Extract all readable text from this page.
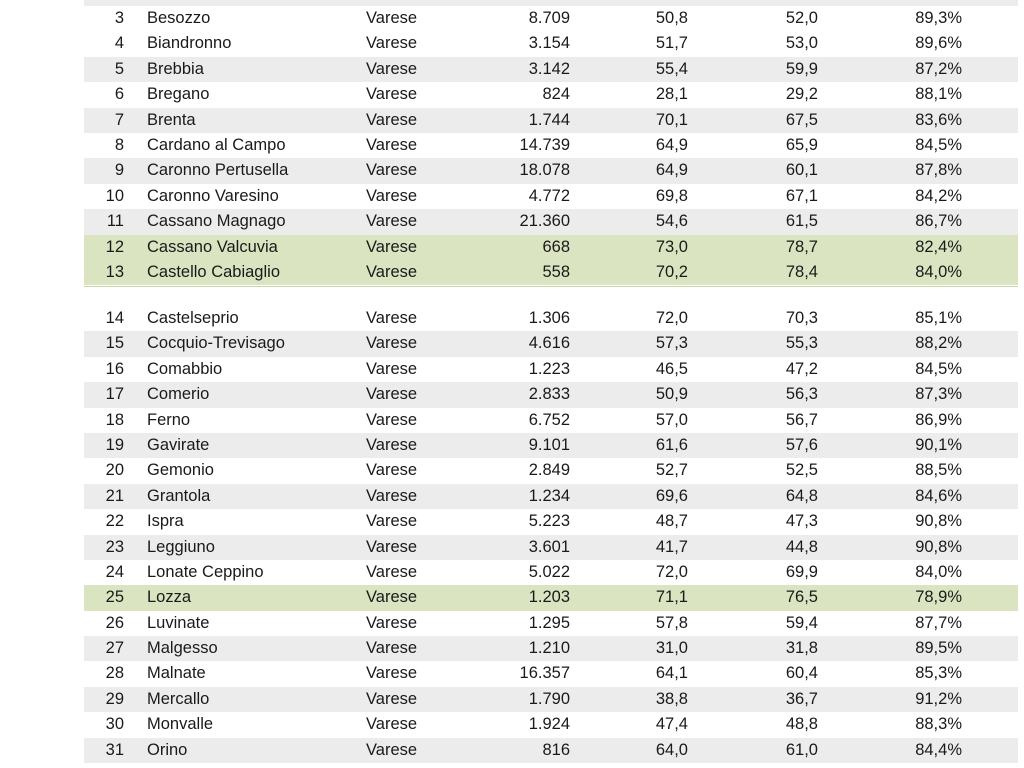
3 Besozzo	Varese	8.709	50,8	52,0	89,3%
4 Biandronno	Varese	3.154	51,7	53,0	89,6%
5 Brebbia	Varese	3.142	55,4	59,9	87,2%
6 Bregano	Varese	824	28,1	29,2	88,1%
7 Brenta	Varese	1.744	70,1	67,5	83,6%
8 Cardano al Campo	Varese	14.739	64,9	65,9	84,5%
9 Caronno Pertusella	Varese	18.078	64,9	60,1	87,8%
10 Caronno Varesino	Varese	4.772	69,8	67,1	84,2%
11 Cassano Magnago	Varese	21.360	54,6	61,5	86,7%
12 Cassano Valcuvia	Varese	668	73,0	78,7	82,4%
13 Castello Cabiaglio	Varese	558	70,2	78,4	84,0%
14 Castelseprio	Varese	1.306	72,0	70,3	85,1%
15 Cocquio-Trevisago	Varese	4.616	57,3	55,3	88,2%
16 Comabbio	Varese	1.223	46,5	47,2	84,5%
17 Comerio	Varese	2.833	50,9	56,3	87,3%
18 Ferno	Varese	6.752	57,0	56,7	86,9%
19 Gavirate	Varese	9.101	61,6	57,6	90,1%
20 Gemonio	Varese	2.849	52,7	52,5	88,5%
21 Grantola	Varese	1.234	69,6	64,8	84,6%
22 Ispra	Varese	5.223	48,7	47,3	90,8%
23 Leggiuno	Varese	3.601	41,7	44,8	90,8%
24 Lonate Ceppino	Varese	5.022	72,0	69,9	84,0%
25 Lozza	Varese	1.203	71,1	76,5	78,9%
26 Luvinate	Varese	1.295	57,8	59,4	87,7%
27 Malgesso	Varese	1.210	31,0	31,8	89,5%
28 Malnate	Varese	16.357	64,1	60,4	85,3%
29 Mercallo	Varese	1.790	38,8	36,7	91,2%
30 Monvalle	Varese	1.924	47,4	48,8	88,3%
31 Orino	Varese	816	64,0	61,0	84,4%
